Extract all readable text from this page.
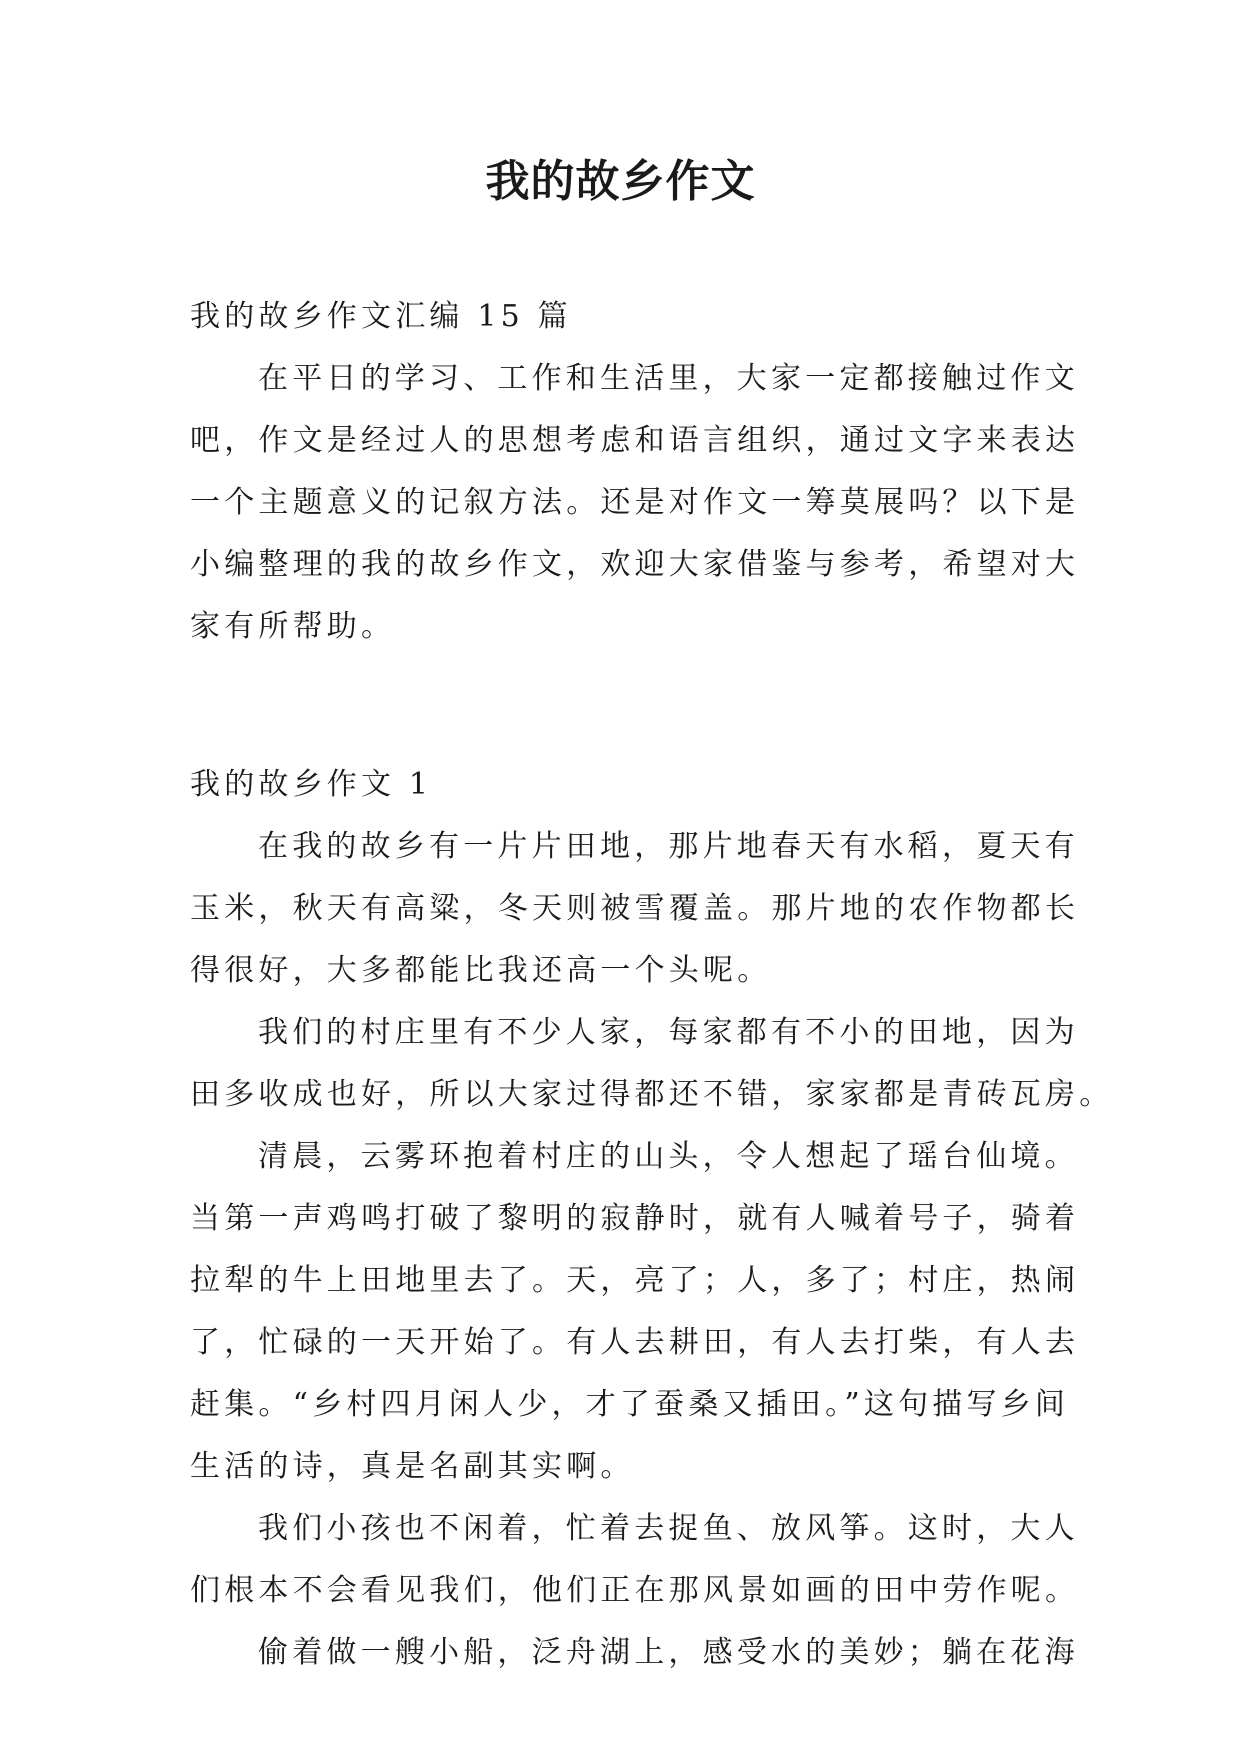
我的故乡作文
我的故乡作文汇编 15 篇
在平日的学习、工作和生活里，大家一定都接触过作文
吧，作文是经过人的思想考虑和语言组织，通过文字来表达
一个主题意义的记叙方法。还是对作文一筹莫展吗？以下是
小编整理的我的故乡作文，欢迎大家借鉴与参考，希望对大
家有所帮助。
我的故乡作文 1
在我的故乡有一片片田地，那片地春天有水稻，夏天有
玉米，秋天有高粱，冬天则被雪覆盖。那片地的农作物都长
得很好，大多都能比我还高一个头呢。
我们的村庄里有不少人家，每家都有不小的田地，因为
田多收成也好，所以大家过得都还不错，家家都是青砖瓦房。
清晨，云雾环抱着村庄的山头，令人想起了瑶台仙境。
当第一声鸡鸣打破了黎明的寂静时，就有人喊着号子，骑着
拉犁的牛上田地里去了。天，亮了；人，多了；村庄，热闹
了，忙碌的一天开始了。有人去耕田，有人去打柴，有人去
赶集。“乡村四月闲人少，才了蚕桑又插田。”这句描写乡间
生活的诗，真是名副其实啊。
我们小孩也不闲着，忙着去捉鱼、放风筝。这时，大人
们根本不会看见我们，他们正在那风景如画的田中劳作呢。
偷着做一艘小船，泛舟湖上，感受水的美妙；躺在花海
